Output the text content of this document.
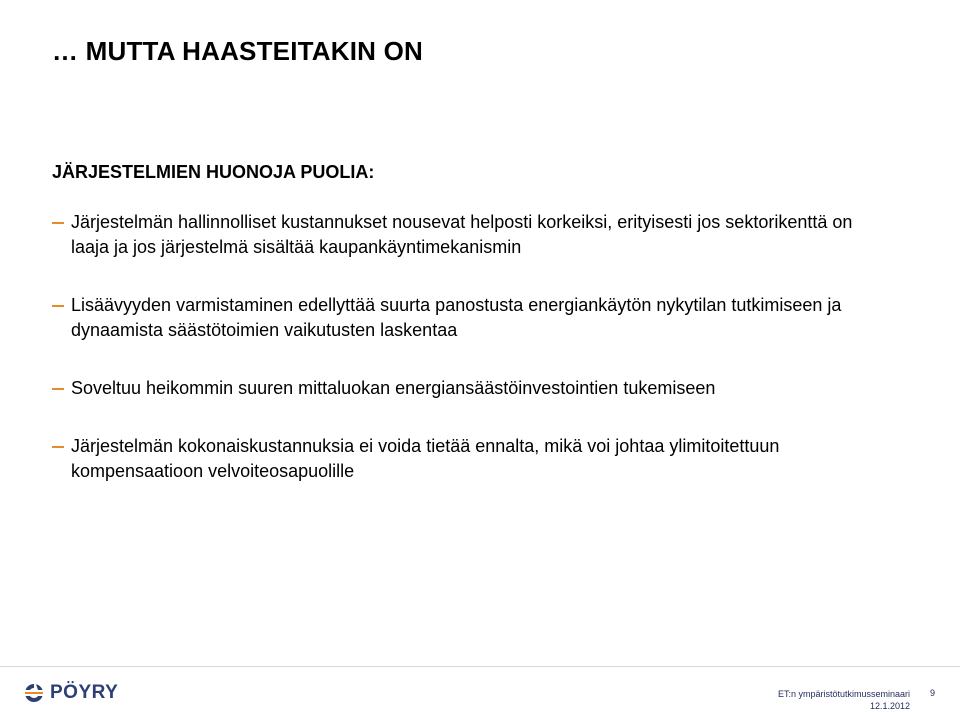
… MUTTA HAASTEITAKIN ON
JÄRJESTELMIEN HUONOJA PUOLIA:
Järjestelmän hallinnolliset kustannukset nousevat helposti korkeiksi, erityisesti jos sektorikenttä on laaja ja jos järjestelmä sisältää kaupankäyntimekanismin
Lisäävyyden varmistaminen edellyttää suurta panostusta energiankäytön nykytilan tutkimiseen ja dynaamista säästötoimien vaikutusten laskentaa
Soveltuu heikommin suuren mittaluokan energiansäästöinvestointien tukemiseen
Järjestelmän kokonaiskustannuksia ei voida tietää ennalta, mikä voi johtaa ylimitoitettuun kompensaatioon velvoiteosapuolille
PÖYRY	ET:n ympäristötutkimusseminaari
12.1.2012
9
